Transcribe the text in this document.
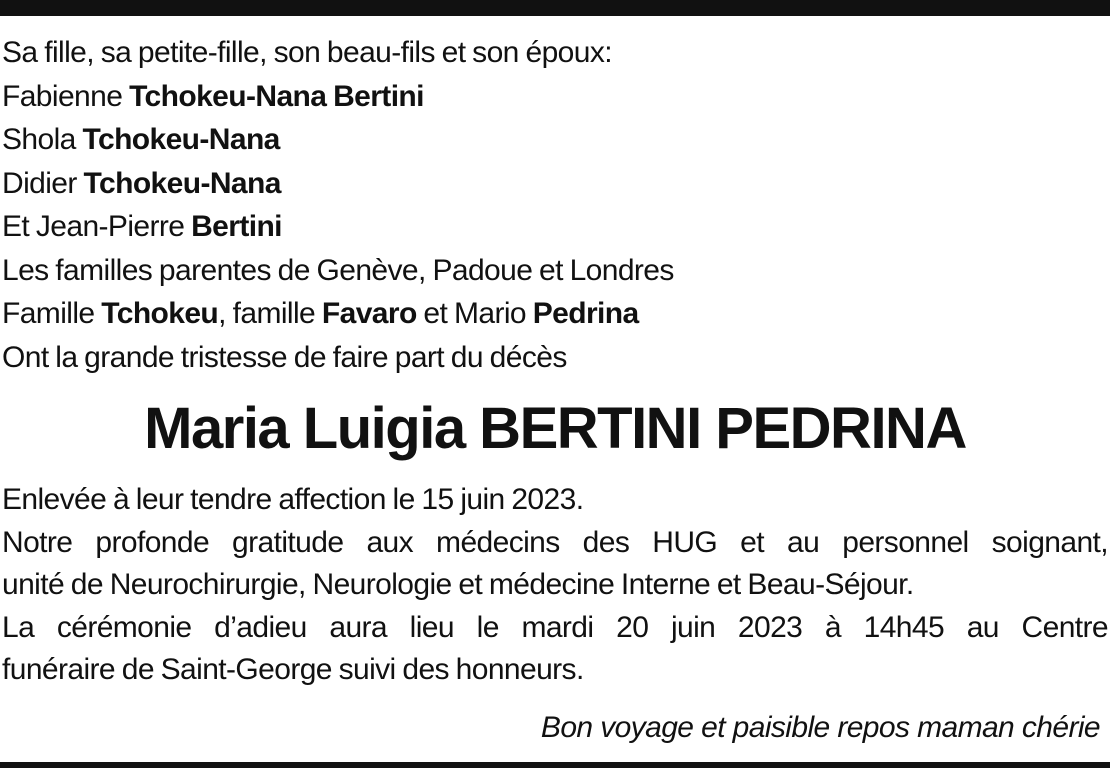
Sa fille, sa petite-fille, son beau-fils et son époux:
Fabienne Tchokeu-Nana Bertini
Shola Tchokeu-Nana
Didier Tchokeu-Nana
Et Jean-Pierre Bertini
Les familles parentes de Genève, Padoue et Londres
Famille Tchokeu, famille Favaro et Mario Pedrina
Ont la grande tristesse de faire part du décès
Maria Luigia BERTINI PEDRINA
Enlevée à leur tendre affection le 15 juin 2023.
Notre profonde gratitude aux médecins des HUG et au personnel soignant,
unité de Neurochirurgie, Neurologie et médecine Interne et Beau-Séjour.
La cérémonie d’adieu aura lieu le mardi 20 juin 2023 à 14h45 au Centre
funéraire de Saint-George suivi des honneurs.
Bon voyage et paisible repos maman chérie
